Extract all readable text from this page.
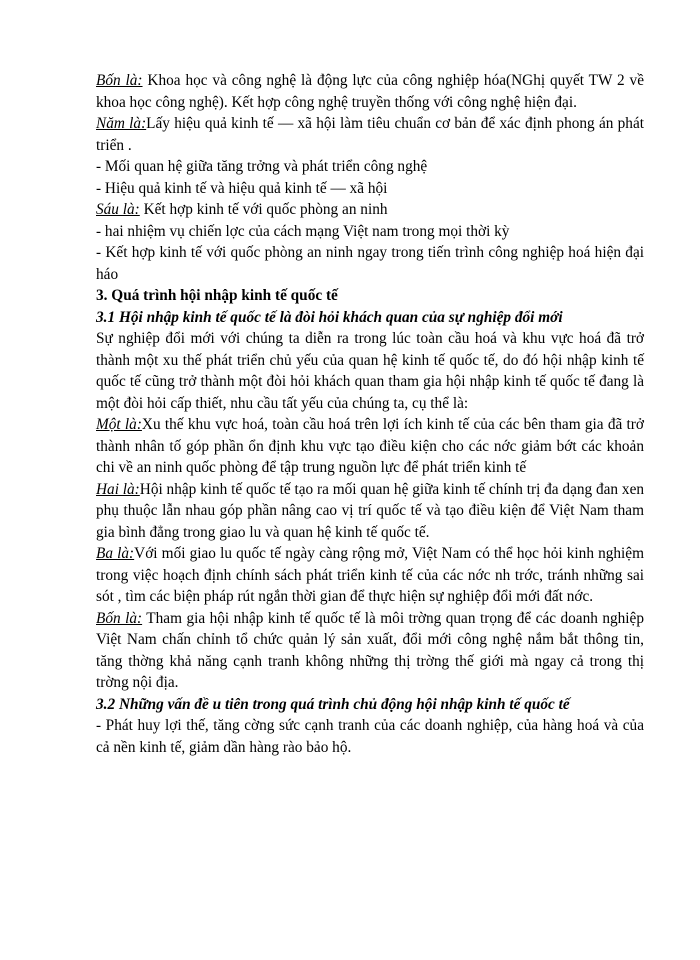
Bốn là: Khoa học và công nghệ là động lực của công nghiệp hóa(NGhị quyết TW 2 về khoa học công nghệ). Kết hợp công nghệ truyền thống với công nghệ hiện đại.

Năm là:Lấy hiệu quả kinh tế — xã hội làm tiêu chuẩn cơ bản để xác định phong án phát triển .

- Mối quan hệ giữa tăng trởng và phát triển công nghệ

- Hiệu quả kinh tế và hiệu quả kinh tế — xã hội

Sáu là: Kết hợp kinh tế với quốc phòng an ninh

- hai nhiệm vụ chiến lợc của cách mạng Việt nam trong mọi thời kỳ

- Kết hợp kinh tế với quốc phòng an ninh ngay trong tiến trình công nghiệp hoá hiện đại háo

3. Quá trình hội nhập kinh tế quốc tế

3.1 Hội nhập kinh tế quốc tế là đòi hỏi khách quan của sự nghiệp đổi mới

Sự nghiệp đổi mới với chúng ta diễn ra trong lúc toàn cầu hoá và khu vực hoá đã trở thành một xu thế phát triển chủ yếu của quan hệ kinh tế quốc tế, do đó hội nhập kinh tế quốc tế cũng trở thành một đòi hỏi khách quan tham gia hội nhập kinh tế quốc tế đang là một đòi hỏi cấp thiết, nhu cầu tất yếu của chúng ta, cụ thể là:

Một là:Xu thế khu vực hoá, toàn cầu hoá trên lợi ích kinh tế của các bên tham gia đã trở thành nhân tố góp phần ổn định khu vực tạo điều kiện cho các nớc giảm bớt các khoản chi về an ninh quốc phòng để tập trung nguồn lực để phát triển kinh tế

Hai là:Hội nhập kinh tế quốc tế tạo ra mối quan hệ giữa kinh tế chính trị đa dạng đan xen phụ thuộc lẫn nhau góp phần nâng cao vị trí quốc tế và tạo điều kiện để Việt Nam tham gia bình đẳng trong giao lu và quan hệ kinh tế quốc tế.

Ba là:Với mối giao lu quốc tế ngày càng rộng mở, Việt Nam có thể học hỏi kinh nghiệm trong việc hoạch định chính sách phát triển kinh tế của các nớc nh trớc, tránh những sai sót , tìm các biện pháp rút ngắn thời gian để thực hiện sự nghiệp đổi mới đất nớc.

Bốn là: Tham gia hội nhập kinh tế quốc tế là môi trờng quan trọng để các doanh nghiệp Việt Nam chấn chỉnh tổ chức quản lý sản xuất, đổi mới công nghệ nắm bắt thông tin, tăng thờng khả năng cạnh tranh không những thị trờng thế giới mà ngay cả trong thị trờng nội địa.

3.2 Những vấn đề u tiên trong quá trình chủ động hội nhập kinh tế quốc tế

- Phát huy lợi thế, tăng cờng sức cạnh tranh của các doanh nghiệp, của hàng hoá và của cả nền kinh tế, giảm dần hàng rào bảo hộ.
